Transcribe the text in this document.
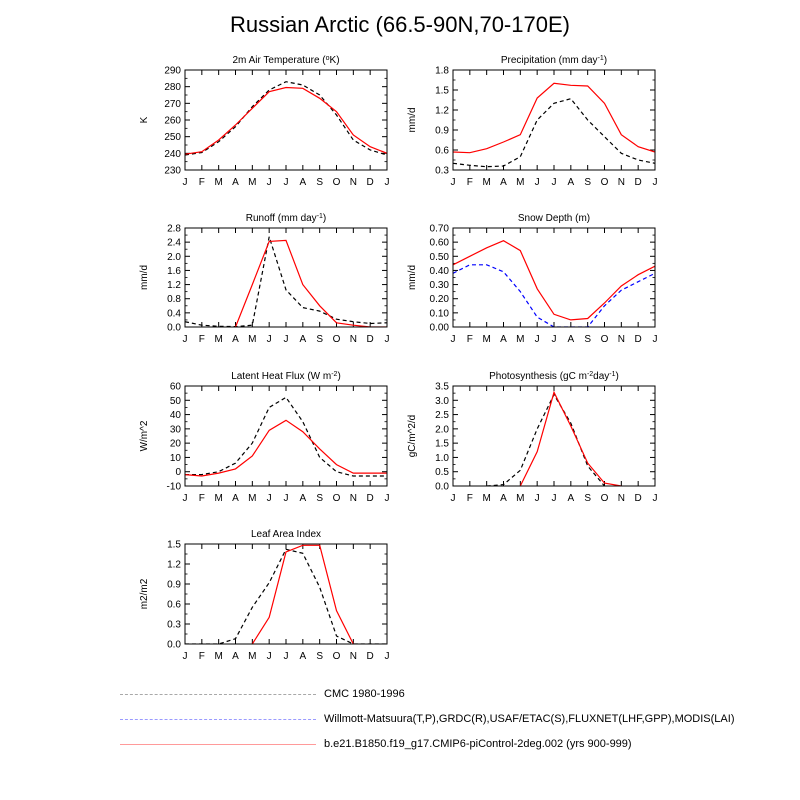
Russian Arctic (66.5-90N,70-170E)
2m Air Temperature ($^o$K)
230
240
250
260
270
280
290
J F M A M J J A S O N D J
K
Precipitation (mm day$^{-1}$)
0.3
0.6
0.9
1.2
1.5
1.8
J F M A M J J A S O N D J
mm/d
Runoff (mm day$^{-1}$)
0.0
0.4
0.8
1.2
1.6
2.0
2.4
2.8
J F M A M J J A S O N D J
mm/d
Snow Depth (m)
0.00
0.10
0.20
0.30
0.40
0.50
0.60
0.70
J F M A M J J A S O N D J
mm/d
Latent Heat Flux (W $m^{-2}$)
-10
0
10
20
30
40
50
60
J F M A M J J A S O N D J
W/m^2
Photosynthesis (gC $m^{-2}day^{-1}$)
0.0
0.5
1.0
1.5
2.0
2.5
3.0
3.5
J F M A M J J A S O N D J
gC/m^2/d
Leaf Area Index
0.0
0.3
0.6
0.9
1.2
1.5
J F M A M J J A S O N D J
m2/m2
CMC 1980-1996
Willmott-Matsuura(T,P),GRDC(R),USAF/ETAC(S),FLUXNET(LHF,GPP),MODIS(LAI)
b.e21.B1850.f19_g17.CMIP6-piControl-2deg.002 (yrs 900-999)
